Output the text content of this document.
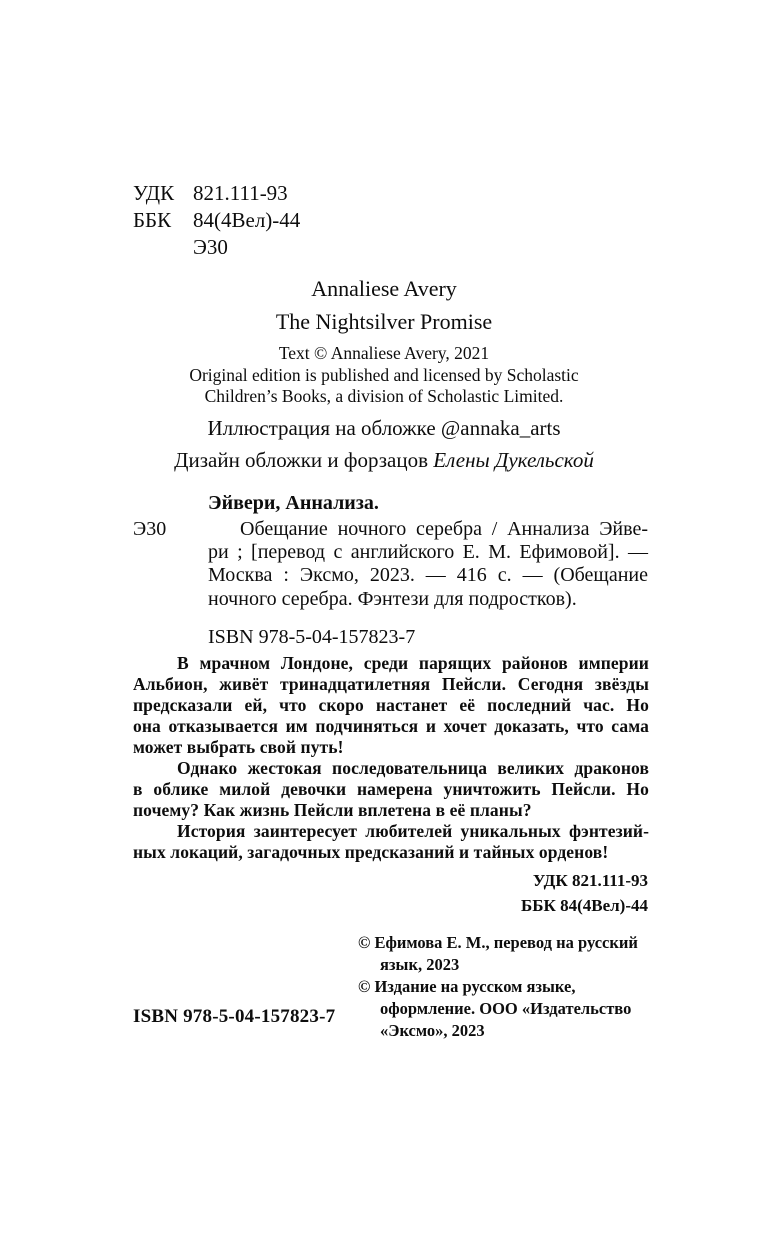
УДК 821.111-93
ББК 84(4Вел)-44
Э30
Annaliese Avery
The Nightsilver Promise
Text © Annaliese Avery, 2021
Original edition is published and licensed by Scholastic
Children’s Books, a division of Scholastic Limited.
Иллюстрация на обложке @annaka_arts
Дизайн обложки и форзацов Елены Дукельской
Эйвери, Аннализа.
Э30	Обещание ночного серебра / Аннализа Эйве-
ри ; [перевод с английского Е. М. Ефимовой]. —
Москва : Эксмо, 2023. — 416 с. — (Обещание
ночного серебра. Фэнтези для подростков).
ISBN 978-5-04-157823-7
В мрачном Лондоне, среди парящих районов империи
Альбион, живёт тринадцатилетняя Пейсли. Сегодня звёзды
предсказали ей, что скоро настанет её последний час. Но
она отказывается им подчиняться и хочет доказать, что сама
может выбрать свой путь!
Однако жестокая последовательница великих драконов
в облике милой девочки намерена уничтожить Пейсли. Но
почему? Как жизнь Пейсли вплетена в её планы?
История заинтересует любителей уникальных фэнтезий-
ных локаций, загадочных предсказаний и тайных орденов!
УДК 821.111-93
ББК 84(4Вел)-44
© Ефимова Е. М., перевод на русский
язык, 2023
© Издание на русском языке,
оформление. ООО «Издательство
«Эксмо», 2023
ISBN 978-5-04-157823-7
